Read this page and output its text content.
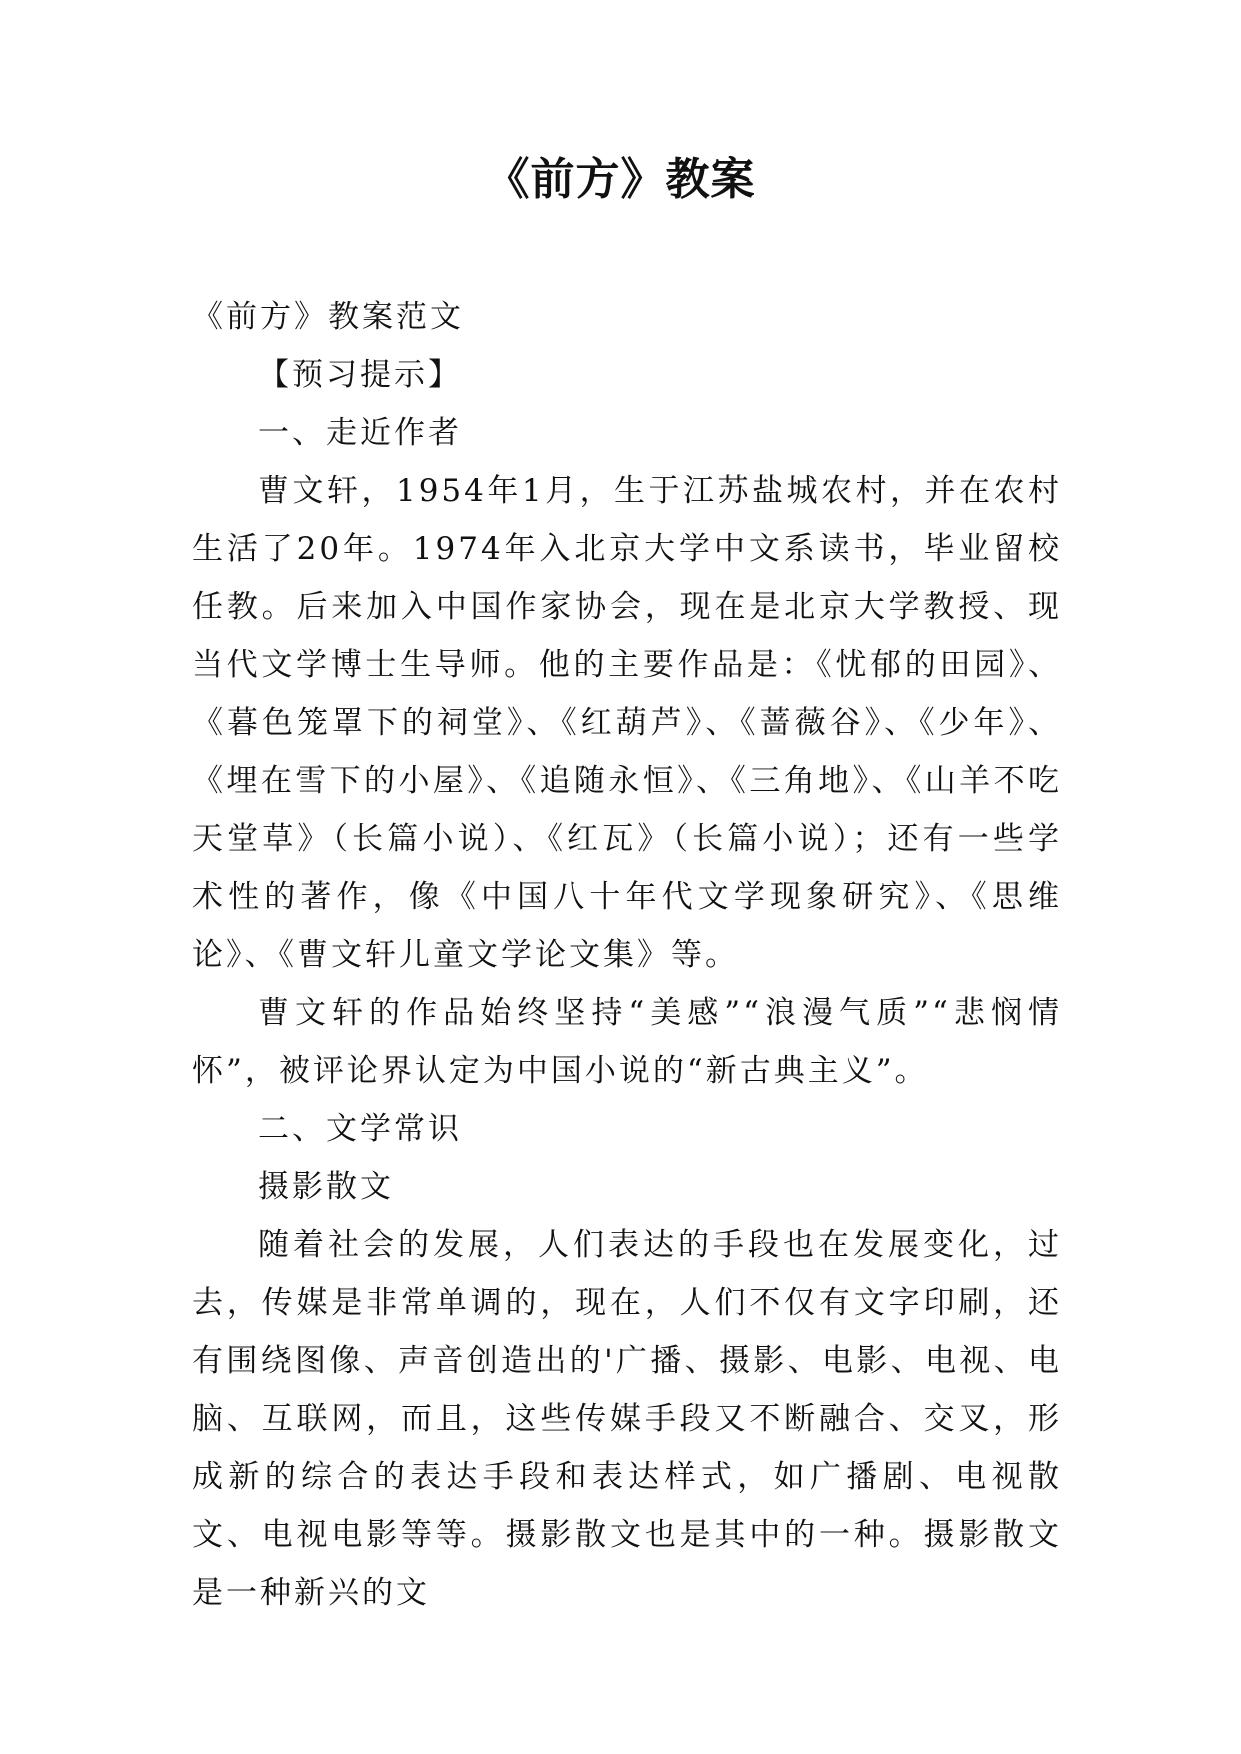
《前方》教案

《前方》教案范文

【预习提示】

一、走近作者

曹文轩，1954年1月，生于江苏盐城农村，并在农村生活了20年。1974年入北京大学中文系读书，毕业留校任教。后来加入中国作家协会，现在是北京大学教授、现当代文学博士生导师。他的主要作品是：《忧郁的田园》、《暮色笼罩下的祠堂》、《红葫芦》、《蔷薇谷》、《少年》、《埋在雪下的小屋》、《追随永恒》、《三角地》、《山羊不吃天堂草》（长篇小说）、《红瓦》（长篇小说）；还有一些学术性的著作，像《中国八十年代文学现象研究》、《思维论》、《曹文轩儿童文学论文集》等。

曹文轩的作品始终坚持“美感”“浪漫气质”“悲悯情怀”，被评论界认定为中国小说的“新古典主义”。

二、文学常识

摄影散文

随着社会的发展，人们表达的手段也在发展变化，过去，传媒是非常单调的，现在，人们不仅有文字印刷，还有围绕图像、声音创造出的'广播、摄影、电影、电视、电脑、互联网，而且，这些传媒手段又不断融合、交叉，形成新的综合的表达手段和表达样式，如广播剧、电视散文、电视电影等等。摄影散文也是其中的一种。摄影散文是一种新兴的文
